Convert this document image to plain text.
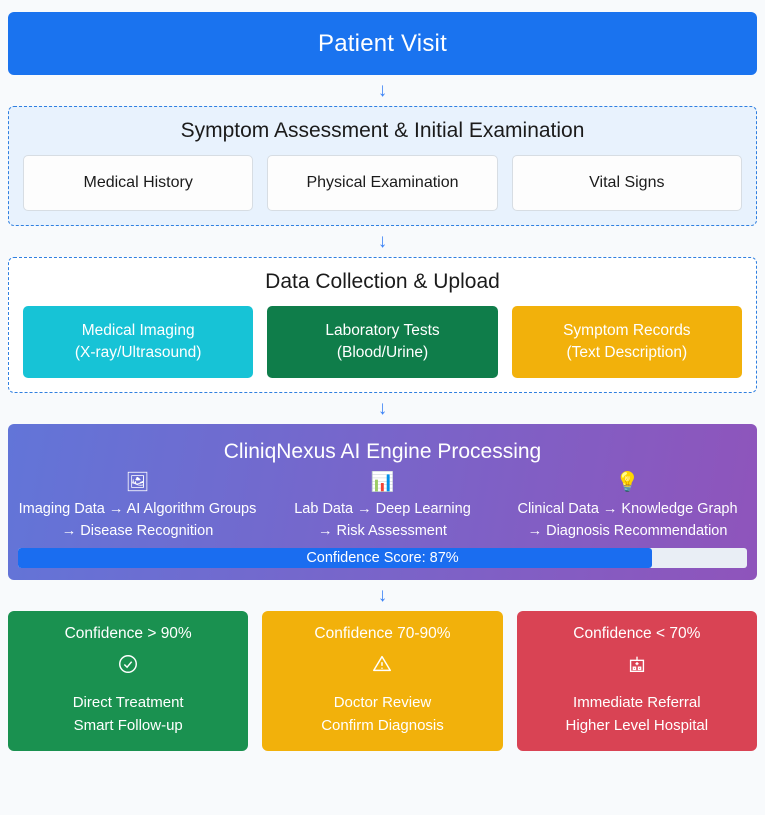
Patient Visit
↓
Symptom Assessment & Initial Examination
Medical History	Physical Examination	Vital Signs
↓
Data Collection & Upload
Medical Imaging
(X-ray/Ultrasound)
Laboratory Tests
(Blood/Urine)
Symptom Records
(Text Description)
↓
CliniqNexus AI Engine Processing
🖼
Imaging Data → AI Algorithm Groups
→ Disease Recognition
📊
Lab Data → Deep Learning
→ Risk Assessment
💡
Clinical Data → Knowledge Graph
→ Diagnosis Recommendation
Confidence Score: 87%
↓
Confidence > 90%
Direct Treatment
Smart Follow-up
Confidence 70-90%
Doctor Review
Confirm Diagnosis
Confidence < 70%
Immediate Referral
Higher Level Hospital
